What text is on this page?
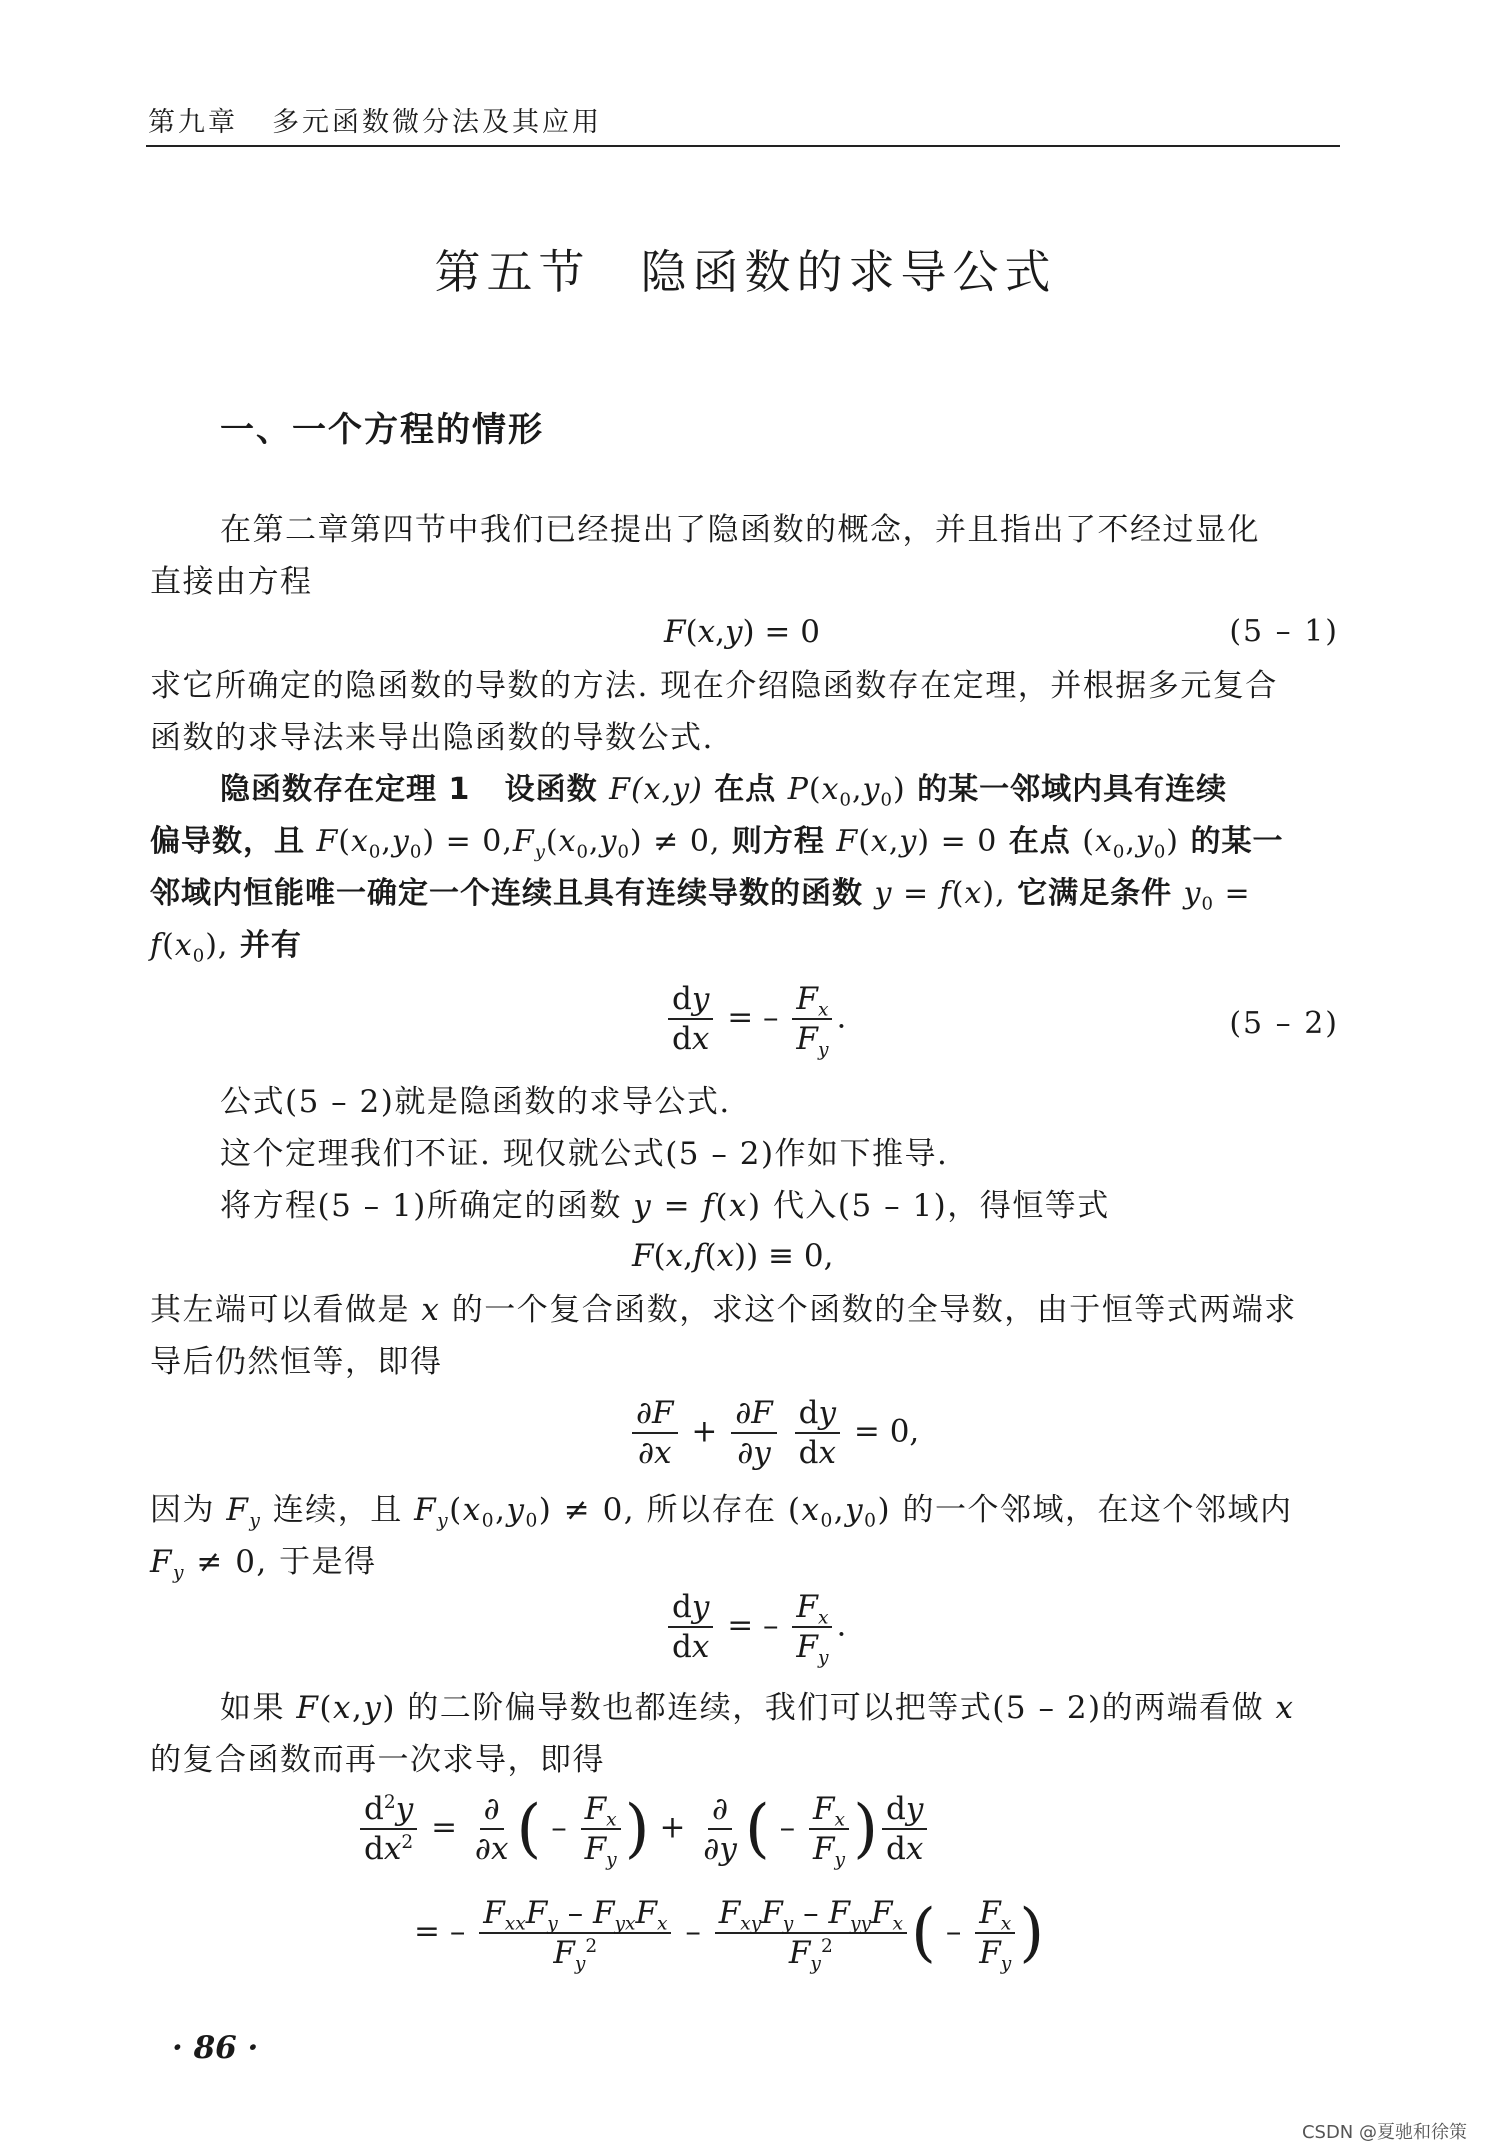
第九章 多元函数微分法及其应用
第五节 隐函数的求导公式
一、一个方程的情形
在第二章第四节中我们已经提出了隐函数的概念，并且指出了不经过显化
直接由方程
F(x,y) = 0	(5 – 1)
求它所确定的隐函数的导数的方法. 现在介绍隐函数存在定理，并根据多元复合
函数的求导法来导出隐函数的导数公式.
隐函数存在定理 1 设函数 F(x,y) 在点 $P(x_0,y_0)$ 的某一邻域内具有连续
偏导数，且 $F(x_0,y_0) = 0,F_y(x_0,y_0) \ne 0$, 则方程 F(x,y) = 0 在点 $(x_0,y_0)$ 的某一
邻域内恒能唯一确定一个连续且具有连续导数的函数 y = f(x), 它满足条件 $y_0$ =
$f(x_0)$, 并有
$\frac{dy}{dx}$ = – $\frac{F_x}{F_y}$ .	(5 – 2)
公式(5 – 2)就是隐函数的求导公式.
这个定理我们不证. 现仅就公式(5 – 2)作如下推导.
将方程(5 – 1)所确定的函数 y = f(x) 代入(5 – 1)，得恒等式
F(x,f(x)) ≡ 0,
其左端可以看做是 x 的一个复合函数，求这个函数的全导数，由于恒等式两端求
导后仍然恒等，即得
$\frac{\partial F}{\partial x} + \frac{\partial F}{\partial y}$
$\frac{dy}{dx} = 0$,
因为 $F_y$ 连续，且 $F_y(x_0,y_0) \ne 0$, 所以存在 $(x_0,y_0)$ 的一个邻域，在这个邻域内
$F_y \ne 0$, 于是得
$\frac{dy}{dx}$ = – $\frac{F_x}{F_y}$ .
如果 F(x,y) 的二阶偏导数也都连续，我们可以把等式(5 – 2)的两端看做 x
的复合函数而再一次求导，即得
$\frac{d^2y}{dx^2} = \frac{\partial}{\partial x}$ ( – $\frac{F_x}{F_y}$ ) + $\frac{\partial}{\partial y}$ ( – $\frac{F_x}{F_y}$ ) $\frac{dy}{dx}$
= – $\frac{F_{xx}F_y - F_{yx}F_x}{F_y^2} - \frac{F_{xy}F_y - F_{yy}F_x}{F_y^2}$ ( – $\frac{F_x}{F_y}$ )
· 86 ·
CSDN @夏驰和徐策
